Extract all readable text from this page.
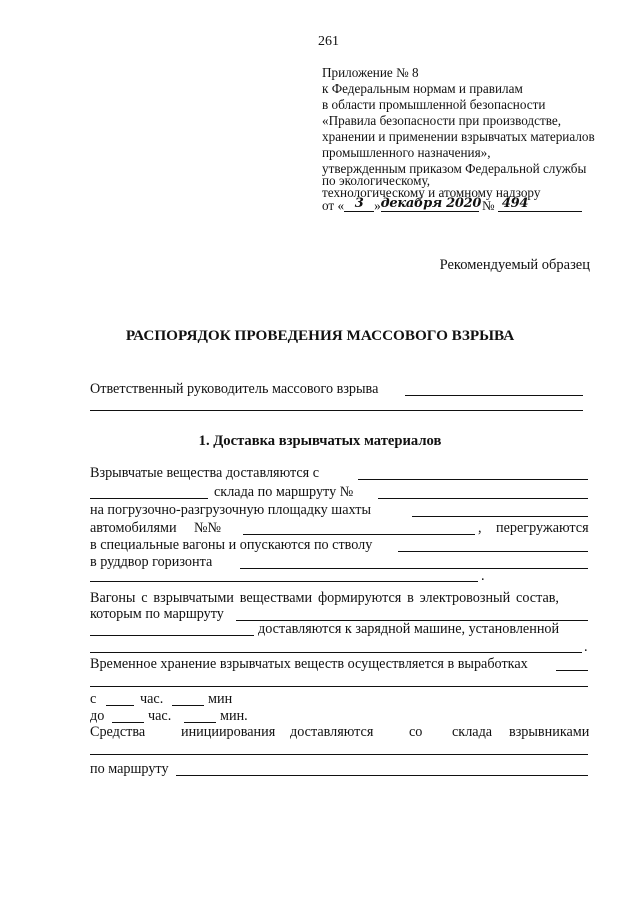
261
Приложение № 8
к Федеральным нормам и правилам
в области промышленной безопасности
«Правила безопасности при производстве,
хранении и применении взрывчатых материалов
промышленного назначения»,
утвержденным приказом Федеральной службы
по экологическому,
технологическому и атомному надзору
от « 3 » декабря 2020 № 494
Рекомендуемый образец
РАСПОРЯДОК ПРОВЕДЕНИЯ МАССОВОГО ВЗРЫВА
Ответственный руководитель массового взрыва
1. Доставка взрывчатых материалов
Взрывчатые вещества доставляются с
склада по маршруту №
на погрузочно-разгрузочную площадку шахты
автомобилями №№	, перегружаются
в специальные вагоны и опускаются по стволу
в руддвор горизонта
.
Вагоны с взрывчатыми веществами формируются в электровозный состав,
которым по маршруту
доставляются к зарядной машине, установленной
.
Временное хранение взрывчатых веществ осуществляется в выработках
с	час.	мин
до	час.	мин.
Средства	инициирования доставляются	со склада взрывниками
по маршруту
